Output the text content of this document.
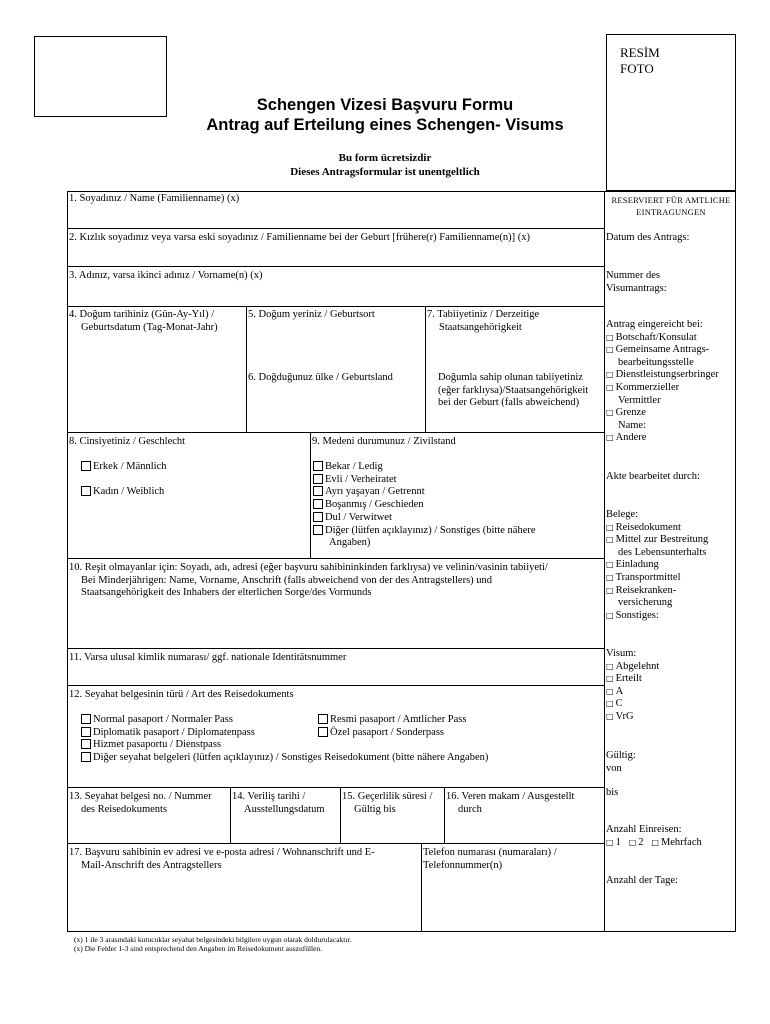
RESİM
FOTO
Schengen Vizesi Başvuru Formu
Antrag auf Erteilung eines Schengen- Visums
Bu form ücretsizdir
Dieses Antragsformular ist unentgeltlich
1. Soyadınız / Name (Familienname) (x)
2. Kızlık soyadınız veya varsa eski soyadınız / Familienname bei der Geburt [frühere(r) Familienname(n)] (x)
3. Adınız, varsa ikinci adınız / Vorname(n) (x)
4. Doğum tarihiniz (Gün-Ay-Yıl) /
Geburtsdatum (Tag-Monat-Jahr)
5. Doğum yeriniz / Geburtsort
6. Doğduğunuz ülke / Geburtsland
7. Tabiiyetiniz / Derzeitige
Staatsangehörigkeit
Doğumla sahip olunan tabiiyetiniz
(eğer farklıysa)/Staatsangehörigkeit
bei der Geburt (falls abweichend)
8. Cinsiyetiniz / Geschlecht
Erkek / Männlich
Kadın / Weiblich
9. Medeni durumunuz / Zivilstand
Bekar / Ledig
Evli / Verheiratet
Ayrı yaşayan / Getrennt
Boşanmış / Geschieden
Dul / Verwitwet
Diğer (lütfen açıklayınız) / Sonstiges (bitte nähere
Angaben)
10. Reşit olmayanlar için: Soyadı, adı, adresi (eğer başvuru sahibininkinden farklıysa) ve velinin/vasinin tabiiyeti/
Bei Minderjährigen: Name, Vorname, Anschrift (falls abweichend von der des Antragstellers) und
Staatsangehörigkeit des Inhabers der elterlichen Sorge/des Vormunds
11. Varsa ulusal kimlik numarası/ ggf. nationale Identitätsnummer
12. Seyahat belgesinin türü / Art des Reisedokuments
Normal pasaport / Normaler Pass
Diplomatik pasaport / Diplomatenpass
Hizmet pasaportu / Dienstpass
Diğer seyahat belgeleri (lütfen açıklayınız) / Sonstiges Reisedokument (bitte nähere Angaben)
Resmi pasaport / Amtlicher Pass
Özel pasaport / Sonderpass
13. Seyahat belgesi no. / Nummer
des Reisedokuments
14. Veriliş tarihi /
Ausstellungsdatum
15. Geçerlilik süresi /
Gültig bis
16. Veren makam / Ausgestellt
durch
17. Başvuru sahibinin ev adresi ve e-posta adresi / Wohnanschrift und E-
Mail-Anschrift des Antragstellers
Telefon numarası (numaraları) /
Telefonnummer(n)
RESERVIERT FÜR AMTLICHE
EINTRAGUNGEN
Datum des Antrags:
Nummer des
Visumantrags:
Antrag eingereicht bei:
□ Botschaft/Konsulat
□ Gemeinsame Antrags-
bearbeitungsstelle
□ Dienstleistungserbringer
□ Kommerzieller
Vermittler
□ Grenze
Name:
□ Andere
Akte bearbeitet durch:
Belege:
□ Reisedokument
□ Mittel zur Bestreitung
des Lebensunterhalts
□ Einladung
□ Transportmittel
□ Reisekranken-
versicherung
□ Sonstiges:
Visum:
□ Abgelehnt
□ Erteilt
□ A
□ C
□ VrG
Gültig:
von
bis
Anzahl Einreisen:
□ 1 □ 2 □ Mehrfach
Anzahl der Tage:
(x) 1 ile 3 arasındaki kutucuklar seyahat belgesindeki bilgilere uygun olarak doldurulacaktır.
(x) Die Felder 1-3 sind entsprechend den Angaben im Reisedokument auszufüllen.
